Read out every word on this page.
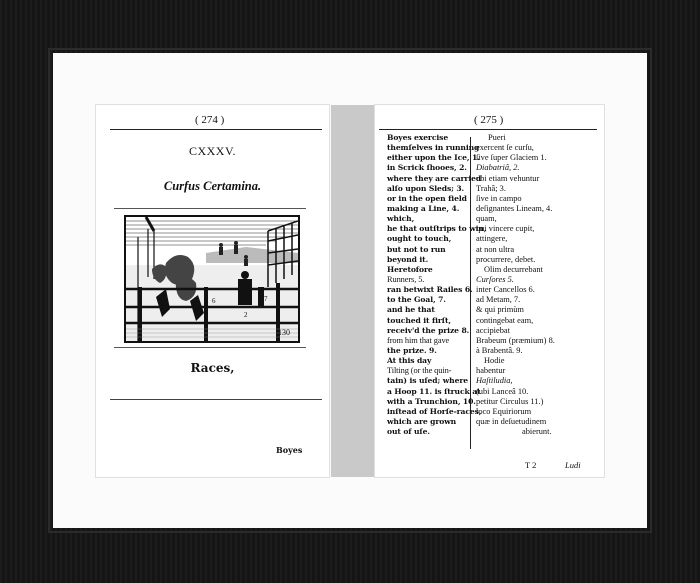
( 274 )
CXXXV.
Curfus Certamina.
2
6	7
130
Races,
Boyes
( 275 )
Boyes exercise
themſelves in running
either upon the Ice, 1.
in Scrick ſhooes, 2.
where they are carried
alſo upon Sleds; 3.
or in the open field
making a Line, 4.
which,
he that outſtrips to win,
ought to touch,
but not to run
beyond it.
Heretofore
Runners, 5.
ran betwixt Railes 6.
to the Goal, 7.
and he that
touched it firſt,
receiv'd the prize 8.
from him that gave
the prize. 9.
At this day
Tilting (or the quin-
tain) is uſed; where
a Hoop 11. is ſtruck at
with a Trunchion, 10.
inſtead of Horſe-races,
which are grown
out of uſe.
Pueri
exercent ſe curſu,
ſive ſuper Glaciem 1.
Diabatriâ, 2.
ubi etiam vehuntur
Trahâ; 3.
ſive in campo
deſignantes Lineam, 4.
quam,
qui vincere cupit,
attingere,
at non ultra
procurrere, debet.
Olim decurrebant
Curſores 5.
inter Cancellos 6.
ad Metam, 7.
& qui primùm
contingebat eam,
accipiebat
Brabeum (præmium) 8.
à Brabentâ. 9.
Hodie
habentur
Haſtiludia,
(ubi Lanceâ 10.
petitur Circulus 11.)
loco Equiriorum
quæ in deſuetudinem
abierunt.
T 2	Ludi
